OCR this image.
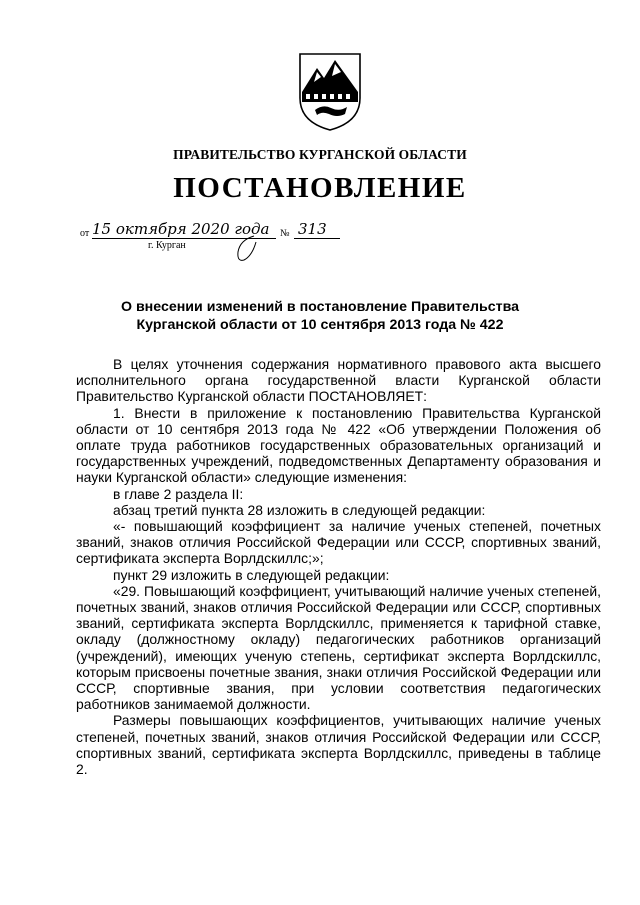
ПРАВИТЕЛЬСТВО КУРГАНСКОЙ ОБЛАСТИ
ПОСТАНОВЛЕНИЕ
от 15 октября 2020 года № 313
г. Курган
О внесении изменений в постановление Правительства
Курганской области от 10 сентября 2013 года № 422

В целях уточнения содержания нормативного правового акта высшего исполнительного органа государственной власти Курганской области Правительство Курганской области ПОСТАНОВЛЯЕТ:

1. Внести в приложение к постановлению Правительства Курганской области от 10 сентября 2013 года № 422 «Об утверждении Положения об оплате труда работников государственных образовательных организаций и государственных учреждений, подведомственных Департаменту образования и науки Курганской области» следующие изменения:

в главе 2 раздела II:

абзац третий пункта 28 изложить в следующей редакции:

«- повышающий коэффициент за наличие ученых степеней, почетных званий, знаков отличия Российской Федерации или СССР, спортивных званий, сертификата эксперта Ворлдскиллс;»;

пункт 29 изложить в следующей редакции:

«29. Повышающий коэффициент, учитывающий наличие ученых степеней, почетных званий, знаков отличия Российской Федерации или СССР, спортивных званий, сертификата эксперта Ворлдскиллс, применяется к тарифной ставке, окладу (должностному окладу) педагогических работников организаций (учреждений), имеющих ученую степень, сертификат эксперта Ворлдскиллс, которым присвоены почетные звания, знаки отличия Российской Федерации или СССР, спортивные звания, при условии соответствия педагогических работников занимаемой должности.

Размеры повышающих коэффициентов, учитывающих наличие ученых степеней, почетных званий, знаков отличия Российской Федерации или СССР, спортивных званий, сертификата эксперта Ворлдскиллс, приведены в таблице 2.
